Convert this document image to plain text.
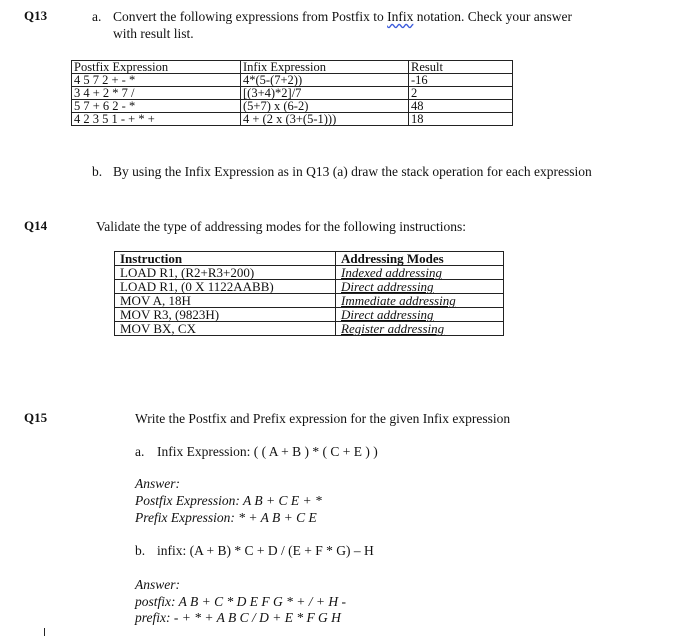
Q13	a. Convert the following expressions from Postfix to Infix notation. Check your answer
with result list.
Postfix Expression	Infix Expression	Result
4 5 7 2 + - *	4*(5-(7+2))	-16
3 4 + 2 * 7 /	[(3+4)*2]/7	2
5 7 + 6 2 - *	(5+7) x (6-2)	48
4 2 3 5 1 - + * +	4 + (2 x (3+(5-1)))	18
b. By using the Infix Expression as in Q13 (a) draw the stack operation for each expression
Q14	Validate the type of addressing modes for the following instructions:
Instruction	Addressing Modes
LOAD R1, (R2+R3+200)	Indexed addressing
LOAD R1, (0 X 1122AABB)	Direct addressing
MOV A, 18H	Immediate addressing
MOV R3, (9823H)	Direct addressing
MOV BX, CX	Register addressing
Q15	Write the Postfix and Prefix expression for the given Infix expression
a. Infix Expression: ( ( A + B ) * ( C + E ) )
Answer:
Postfix Expression: A B + C E + *
Prefix Expression: * + A B + C E
b. infix: (A + B) * C + D / (E + F * G) – H
Answer:
postfix: A B + C * D E F G * + / + H -
prefix: - + * + A B C / D + E * F G H
